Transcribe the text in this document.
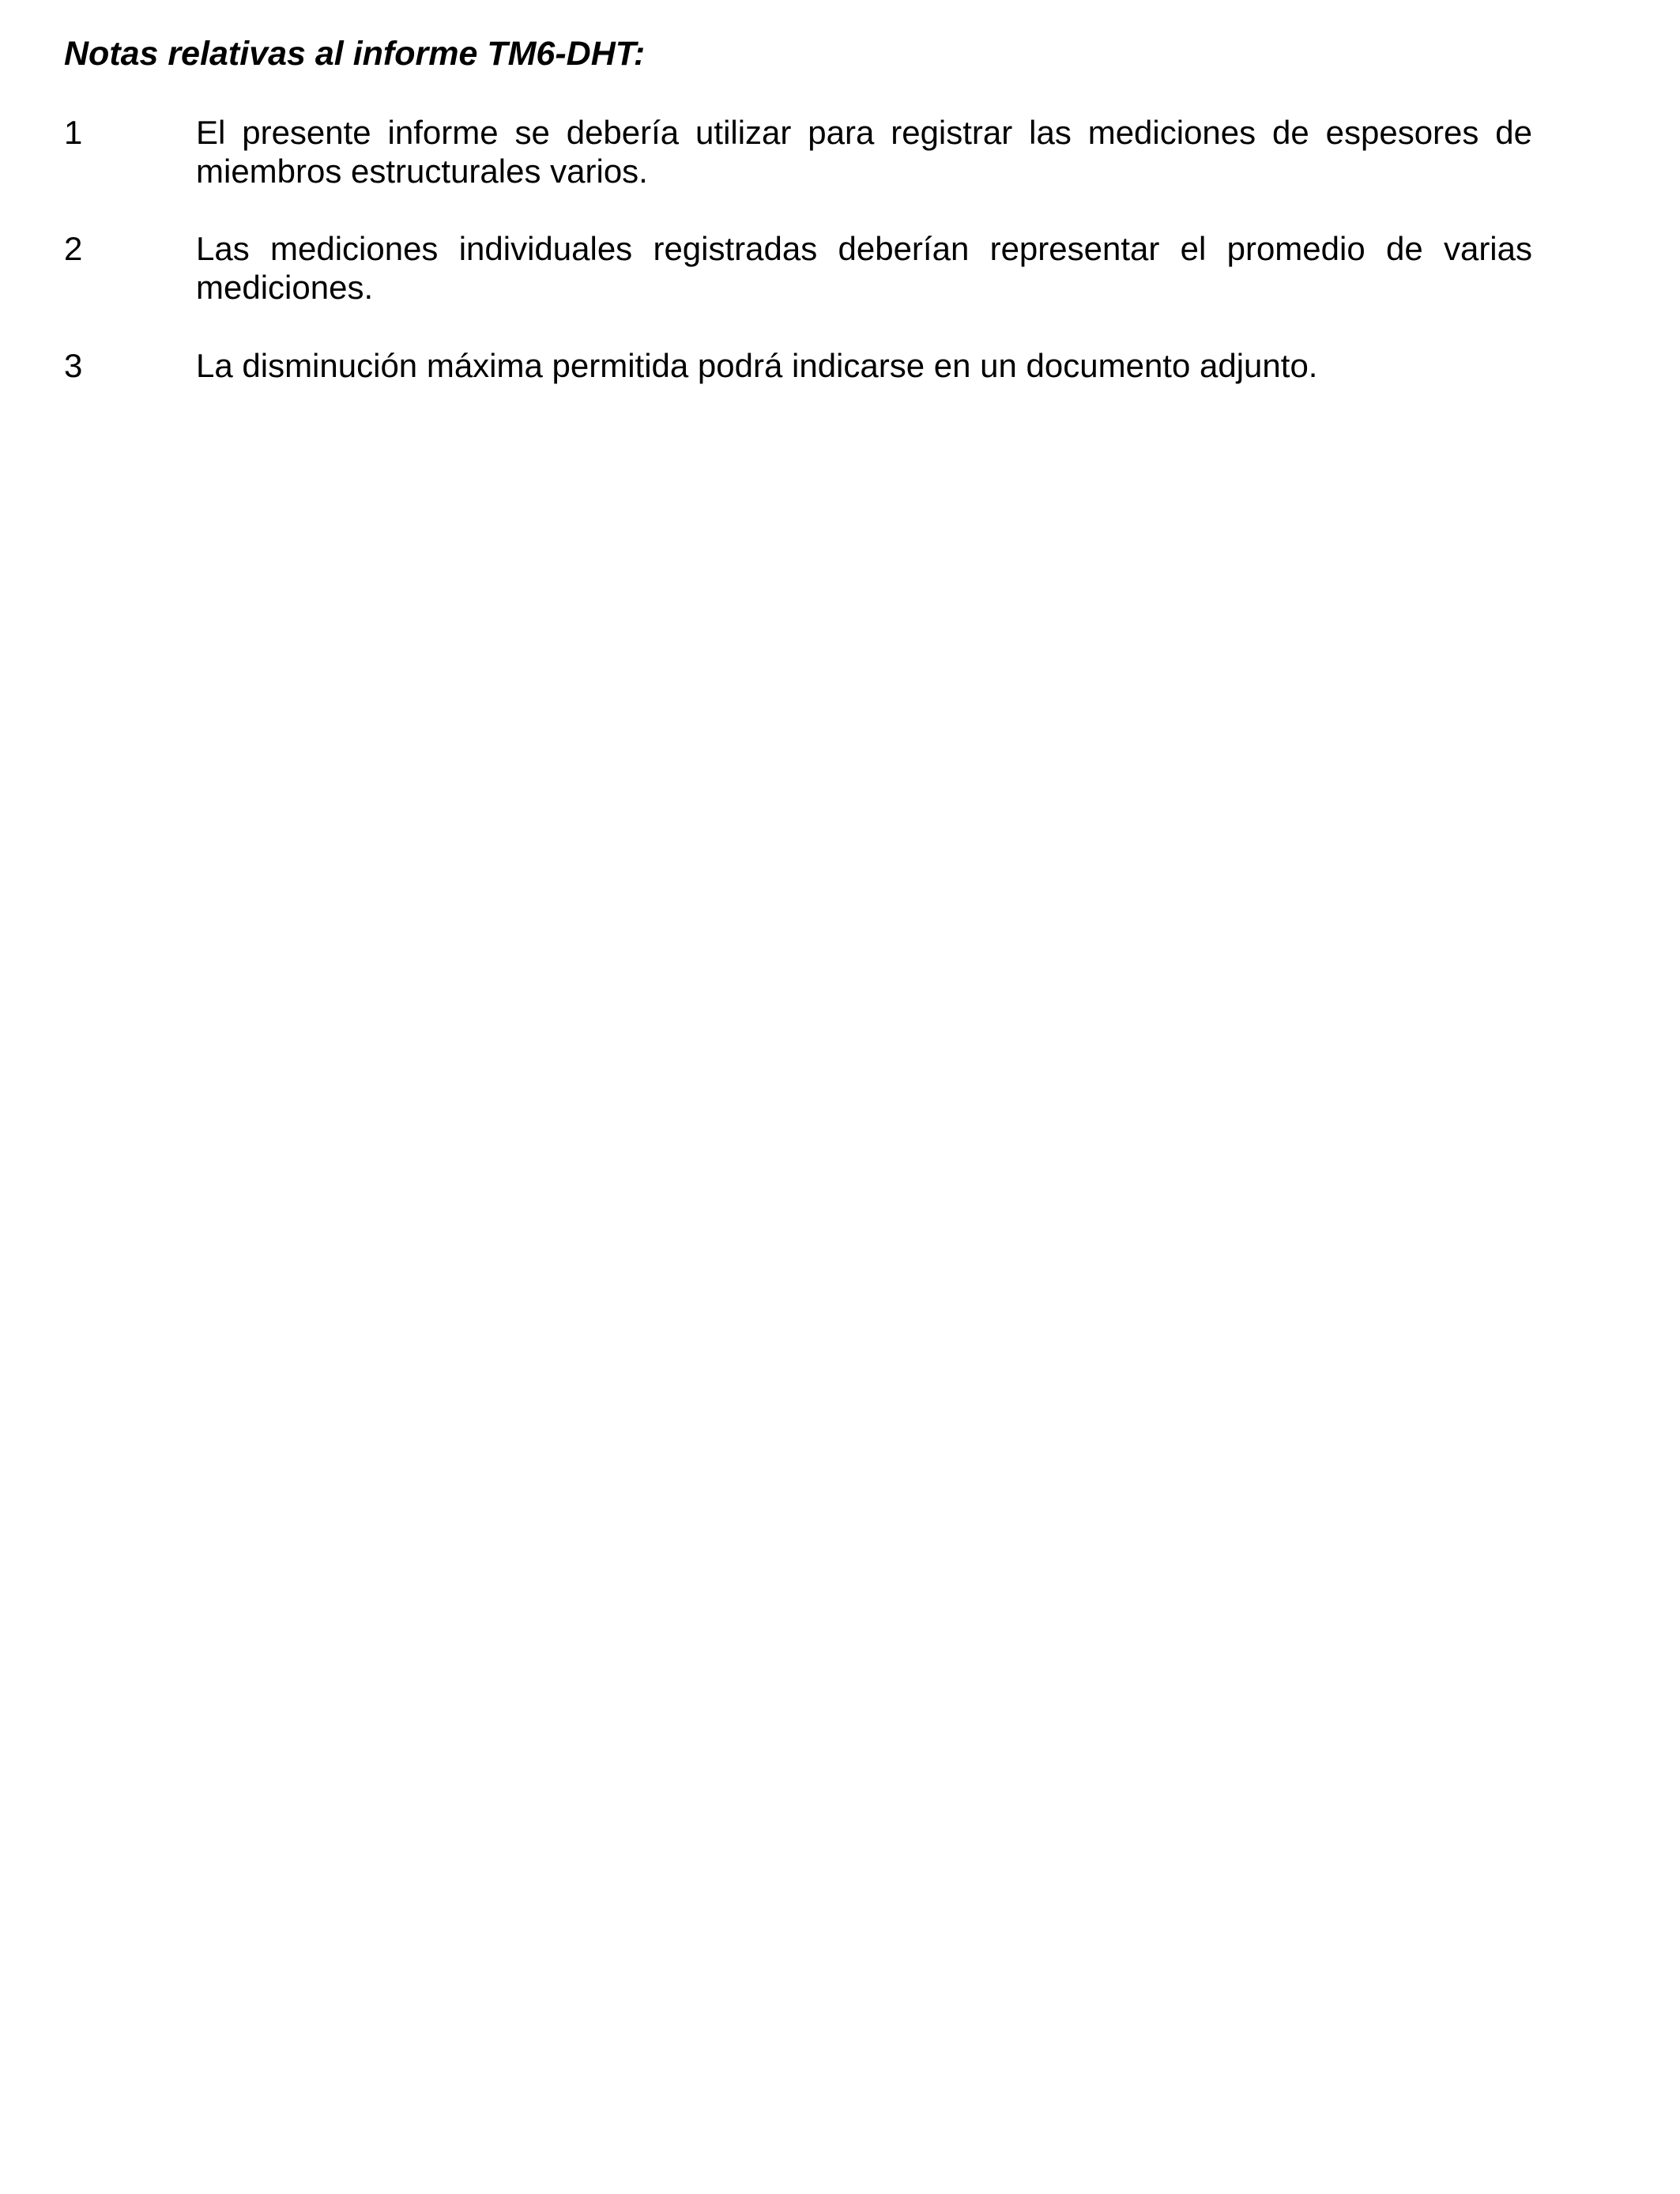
Notas relativas al informe TM6-DHT:
1	El presente informe se debería utilizar para registrar las mediciones de espesores de miembros estructurales varios.
2	Las mediciones individuales registradas deberían representar el promedio de varias mediciones.
3	La disminución máxima permitida podrá indicarse en un documento adjunto.
